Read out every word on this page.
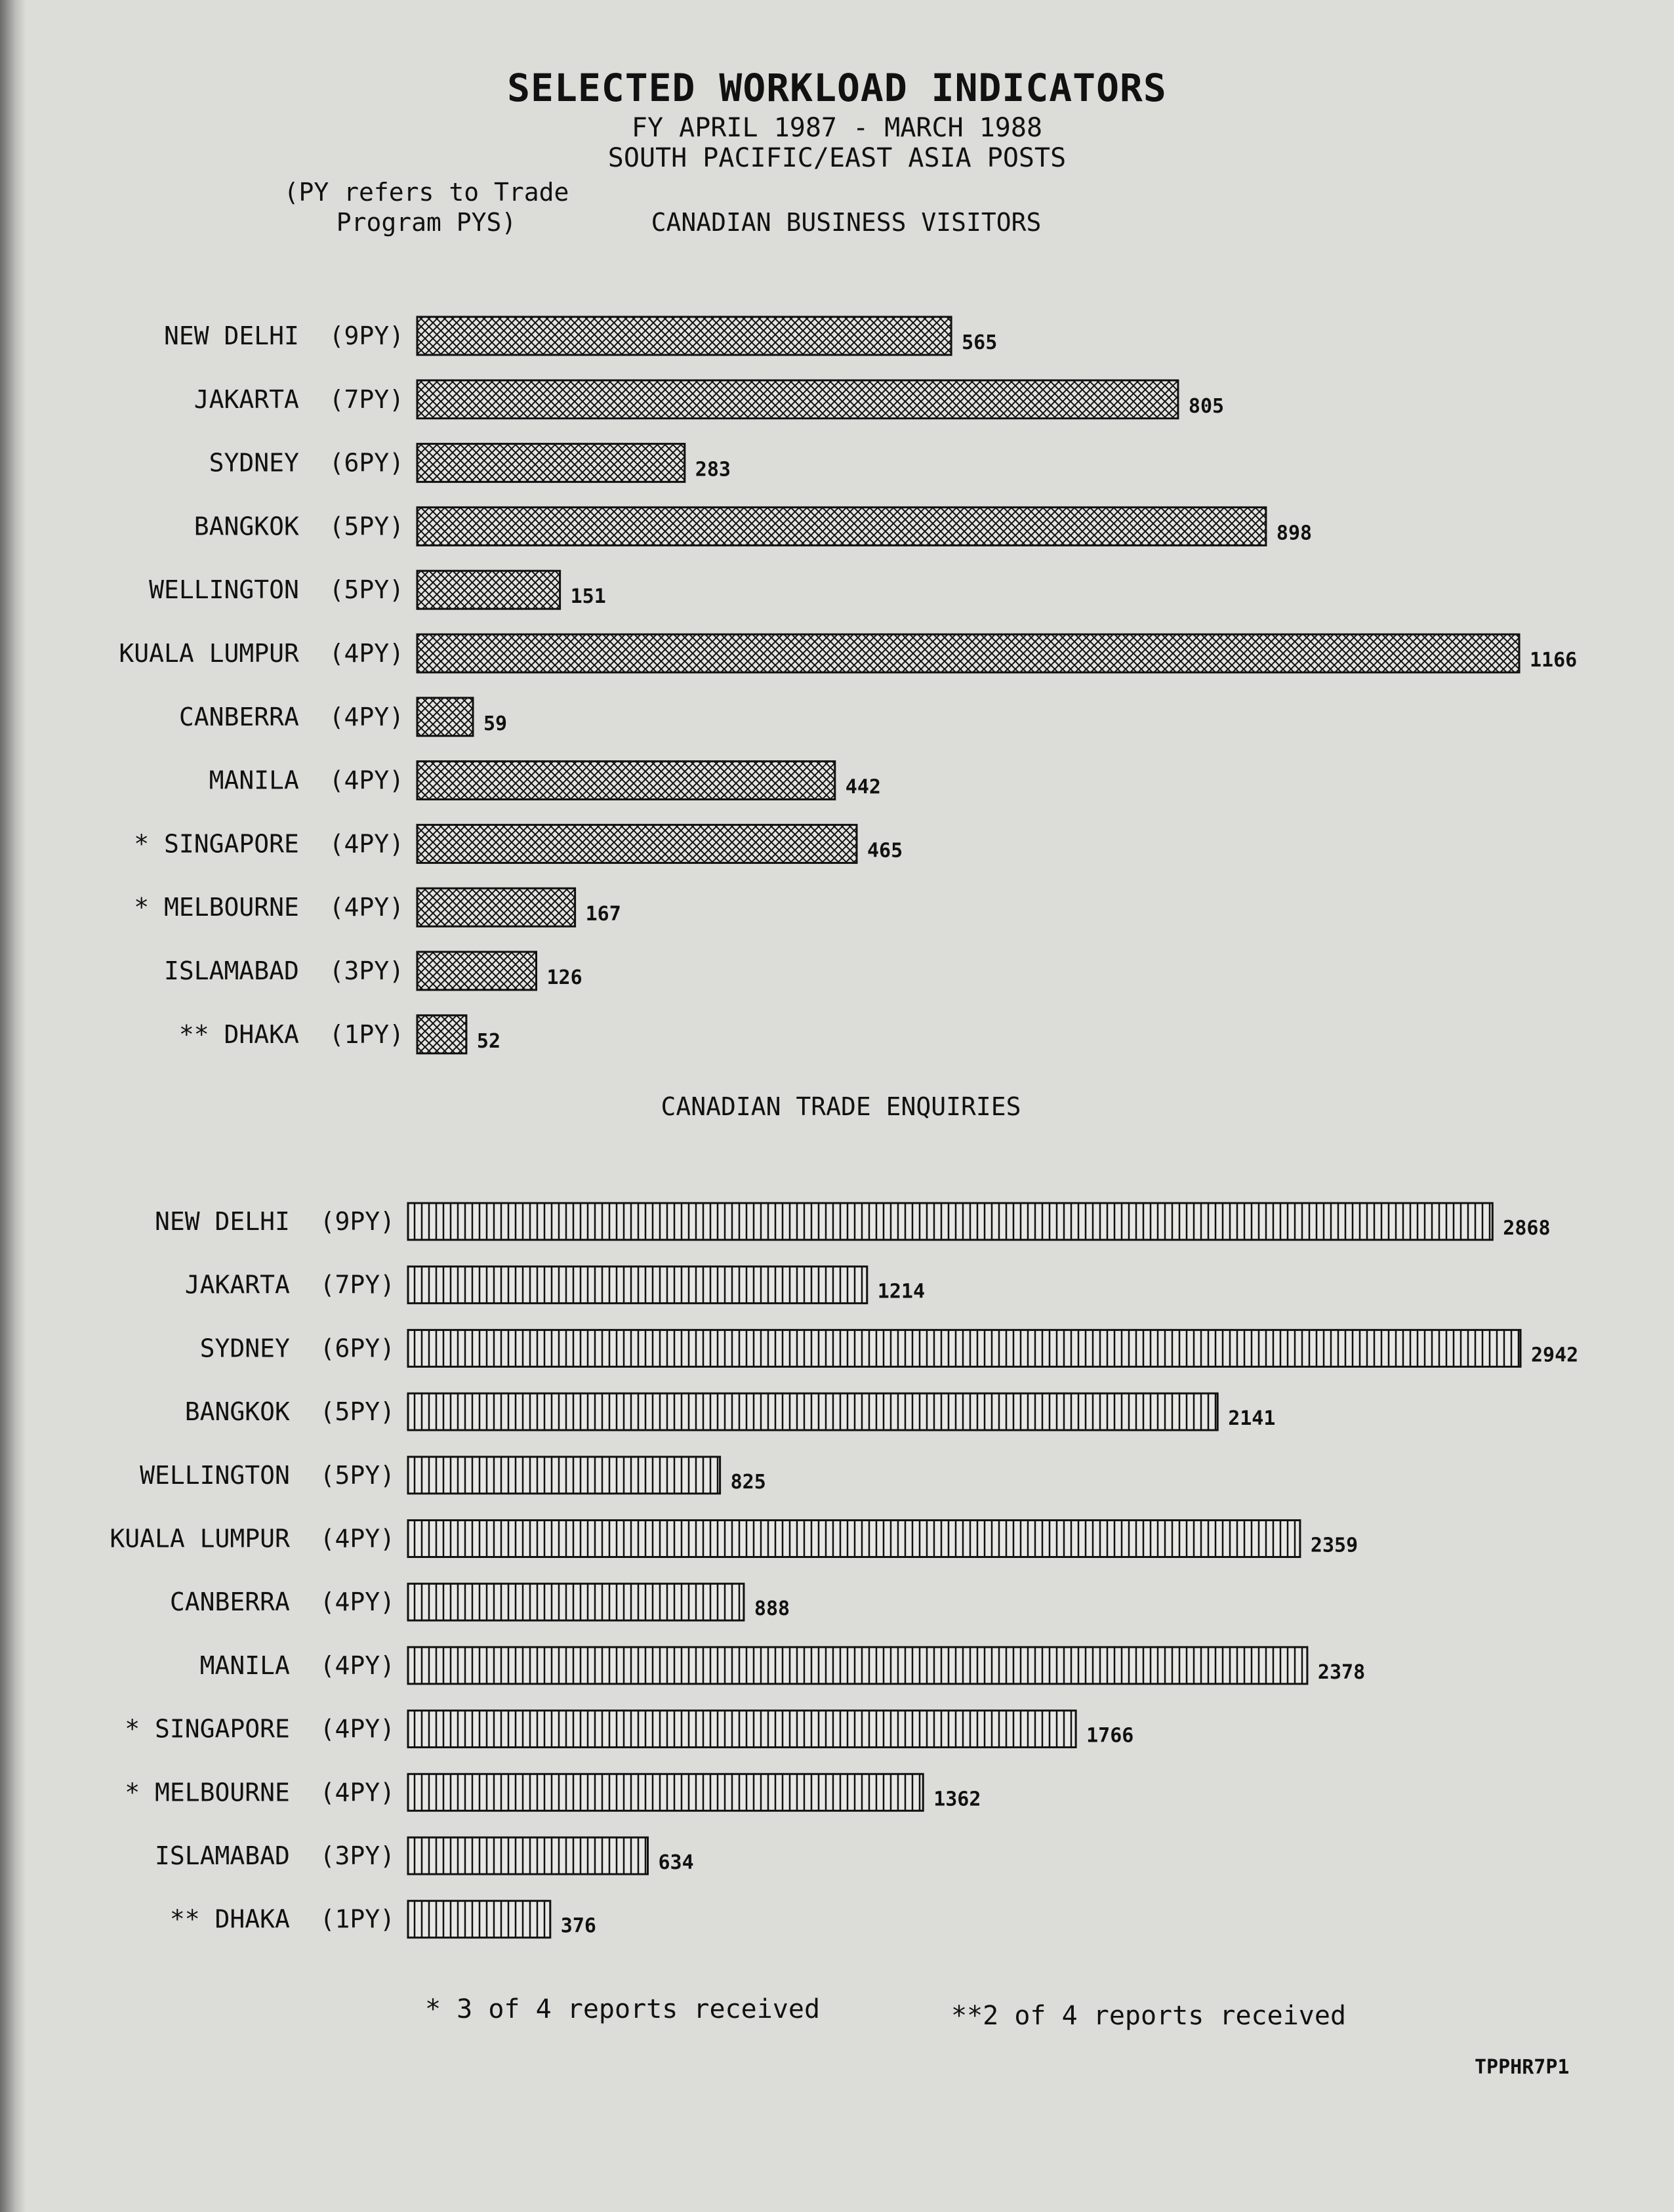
SELECTED WORKLOAD INDICATORS
FY APRIL 1987 - MARCH 1988
SOUTH PACIFIC/EAST ASIA POSTS
(PY refers to Trade Program PYS)	CANADIAN BUSINESS VISITORS
CANADIAN TRADE ENQUIRIES
NEW DELHI  (9PY)	565
JAKARTA  (7PY)	805
SYDNEY  (6PY)	283
BANGKOK  (5PY)	898
WELLINGTON  (5PY)	151
KUALA LUMPUR  (4PY)	1166
CANBERRA  (4PY)	59
MANILA  (4PY)	442
* SINGAPORE  (4PY)	465
* MELBOURNE  (4PY)	167
ISLAMABAD  (3PY)	126
** DHAKA  (1PY)	52
NEW DELHI  (9PY)	2868
JAKARTA  (7PY)	1214
SYDNEY  (6PY)	2942
BANGKOK  (5PY)	2141
WELLINGTON  (5PY)	825
KUALA LUMPUR  (4PY)	2359
CANBERRA  (4PY)	888
MANILA  (4PY)	2378
* SINGAPORE  (4PY)	1766
* MELBOURNE  (4PY)	1362
ISLAMABAD  (3PY)	634
** DHAKA  (1PY)	376
* 3 of 4 reports received	**2 of 4 reports received
TPPHR7P1
